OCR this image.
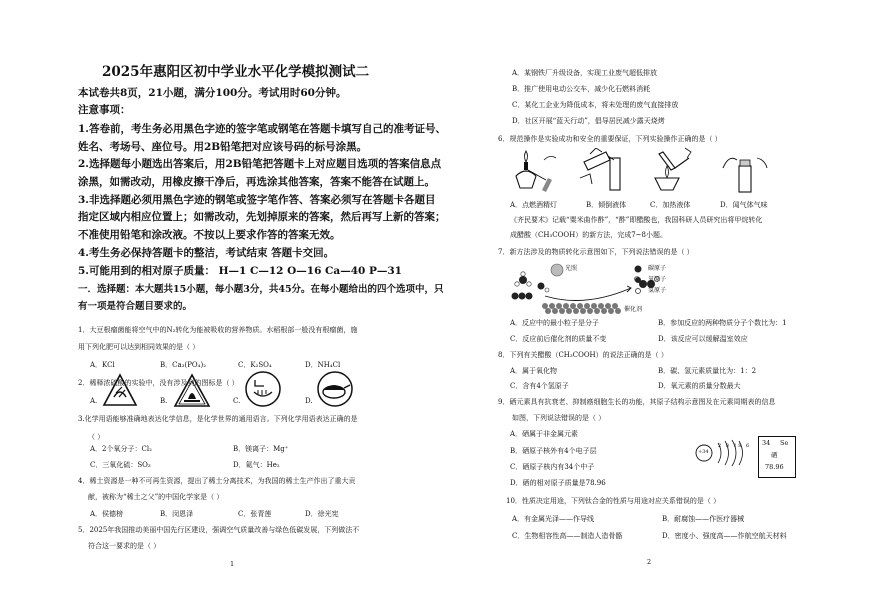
2025年惠阳区初中学业水平化学模拟测试二
本试卷共8页，21小题，满分100分。考试用时60分钟。
注意事项：
1.答卷前，考生务必用黑色字迹的签字笔或钢笔在答题卡填写自己的准考证号、
姓名、考场号、座位号。用2B铅笔把对应该号码的标号涂黑。
2.选择题每小题选出答案后，用2B铅笔把答题卡上对应题目选项的答案信息点
涂黑，如需改动，用橡皮擦干净后，再选涂其他答案，答案不能答在试题上。
3.非选择题必须用黑色字迹的钢笔或签字笔作答、答案必须写在答题卡各题目
指定区域内相应位置上；如需改动，先划掉原来的答案，然后再写上新的答案；
不准使用铅笔和涂改液。不按以上要求作答的答案无效。
4.考生务必保持答题卡的整洁，考试结束 答题卡交回。
5.可能用到的相对原子质量： H—1 C—12 O—16 Ca—40 P—31
一．选择题：本大题共15小题，每小题3分，共45分。在每小题给出的四个选项中，只
有一项是符合题目要求的。
1．大豆根瘤菌能将空气中的N₂转化为能被吸收的营养物质。水稻根部一般没有根瘤菌，施
用下列化肥可以达到相同效果的是（ ）
A．KCl	B．Ca₃(PO₄)₂	C．K₂SO₄	D．NH₄Cl
2．稀释浓硫酸的实验中，没有涉及到的图标是（ ）
A.	B.	C.	D.
3.化学用语能够准确地表达化学信息，是化学世界的通用语言。下列化学用语表达正确的是
（ ）
A．2个氧分子：Cl₂	B．镁离子：Mg⁺
C．三氧化硫：SO₃	D．氦气：He₂
4．稀土资源是一种不可再生资源，提出了稀土分离技术，为我国的稀土生产作出了重大贡
献，被称为“稀土之父”的中国化学家是（ ）
A．侯德榜	B．闵恩泽	C．张青莲	D．徐光宪
5．2025年我国推动美丽中国先行区建设，强调空气质量改善与绿色低碳发展，下列做法不
符合这一要求的是（ ）
1
A．某钢铁厂升级设备，实现工业废气超低排放
B．推广使用电动公交车，减少化石燃料消耗
C．某化工企业为降低成本，将未处理的废气直接排放
D．社区开展“蓝天行动”，倡导居民减少露天烧烤
6．规范操作是实验成功和安全的重要保证，下列实验操作正确的是（ ）
A．点燃酒精灯	B．倾倒液体	C．加热液体	D．闻气体气味
《齐民要术》记载“粟米曲作酢”，“酢”即醋酸也，我国科研人员研究出将甲烷转化
成醋酸（CH₃COOH）的新方法，完成7~8小题。
7．新方法涉及的物质转化示意图如下，下列说法错误的是（ ）
光照
催化剂
碳原子
氧原子
氢原子
A．反应中的最小粒子是分子	B．参加反应的两种物质分子个数比为：1
C．反应前后催化剂的质量不变	D．该反应可以缓解温室效应
8．下列有关醋酸（CH₃COOH）的说法正确的是（ ）
A．属于氧化物	B．碳、氢元素质量比为：1：2
C．含有4个氢原子	D．氧元素的质量分数最大
9．硒元素具有抗衰老、抑制癌细胞生长的功能，其原子结构示意图及在元素周期表的信息
如图，下列说法错误的是（ ）
A．硒属于非金属元素
B．硒原子核外有4个电子层
C．硒原子核内有34个中子
D．硒的相对原子质量是78.96
+34
2 8 18 6 34 Se
硒
78.96
10．性质决定用途，下列钛合金的性质与用途对应关系错误的是（ ）
A．有金属光泽——作导线	B．耐腐蚀——作医疗器械
C．生物相容性高——制造人造骨骼	D．密度小、强度高——作航空航天材料
2
